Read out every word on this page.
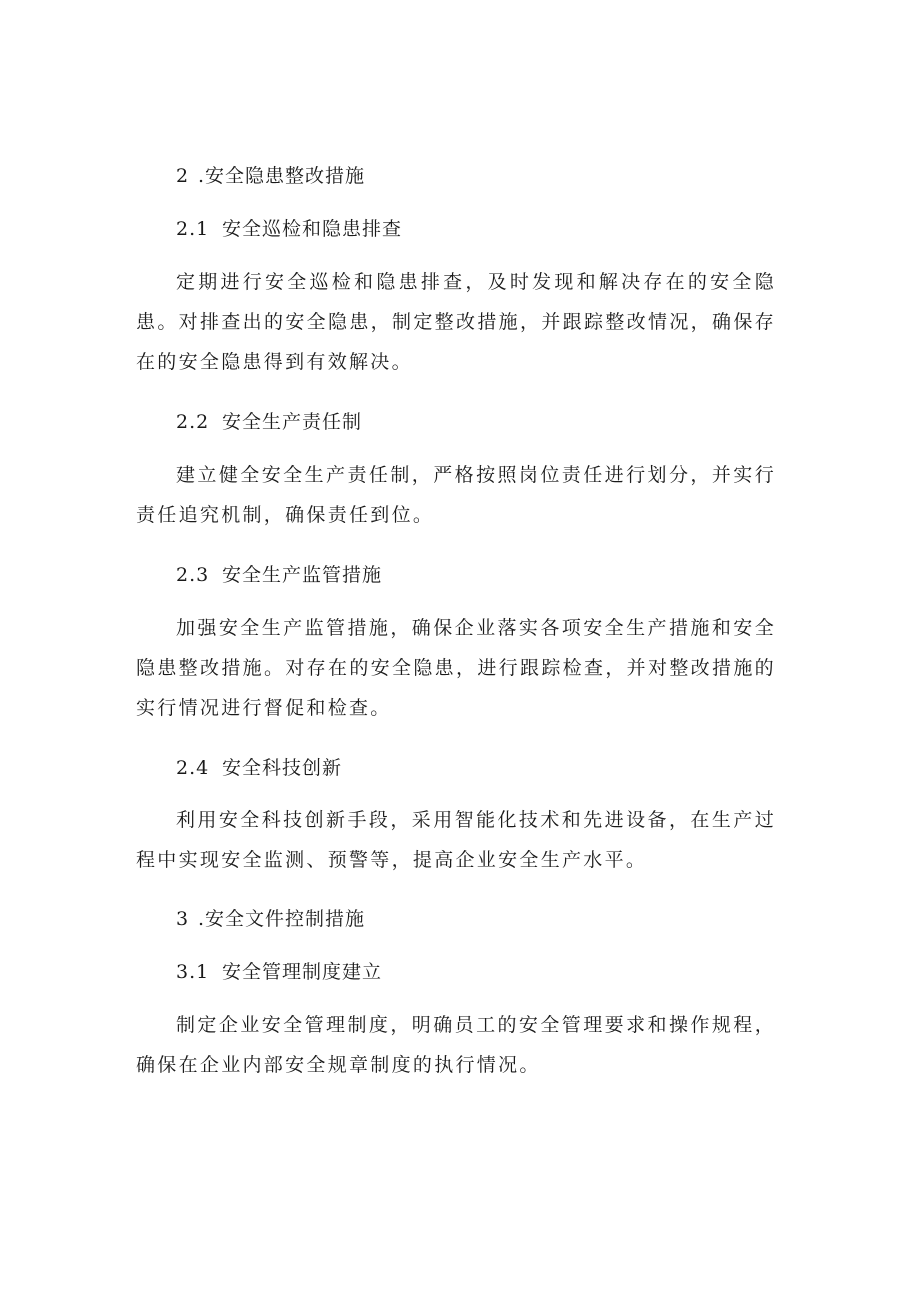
2 .安全隐患整改措施
2.1 安全巡检和隐患排查

定期进行安全巡检和隐患排查，及时发现和解决存在的安全隐患。对排查出的安全隐患，制定整改措施，并跟踪整改情况，确保存在的安全隐患得到有效解决。

2.2 安全生产责任制

建立健全安全生产责任制，严格按照岗位责任进行划分，并实行责任追究机制，确保责任到位。

2.3 安全生产监管措施

加强安全生产监管措施，确保企业落实各项安全生产措施和安全隐患整改措施。对存在的安全隐患，进行跟踪检查，并对整改措施的实行情况进行督促和检查。

2.4 安全科技创新

利用安全科技创新手段，采用智能化技术和先进设备，在生产过程中实现安全监测、预警等，提高企业安全生产水平。

3 .安全文件控制措施
3.1 安全管理制度建立

制定企业安全管理制度，明确员工的安全管理要求和操作规程，确保在企业内部安全规章制度的执行情况。
